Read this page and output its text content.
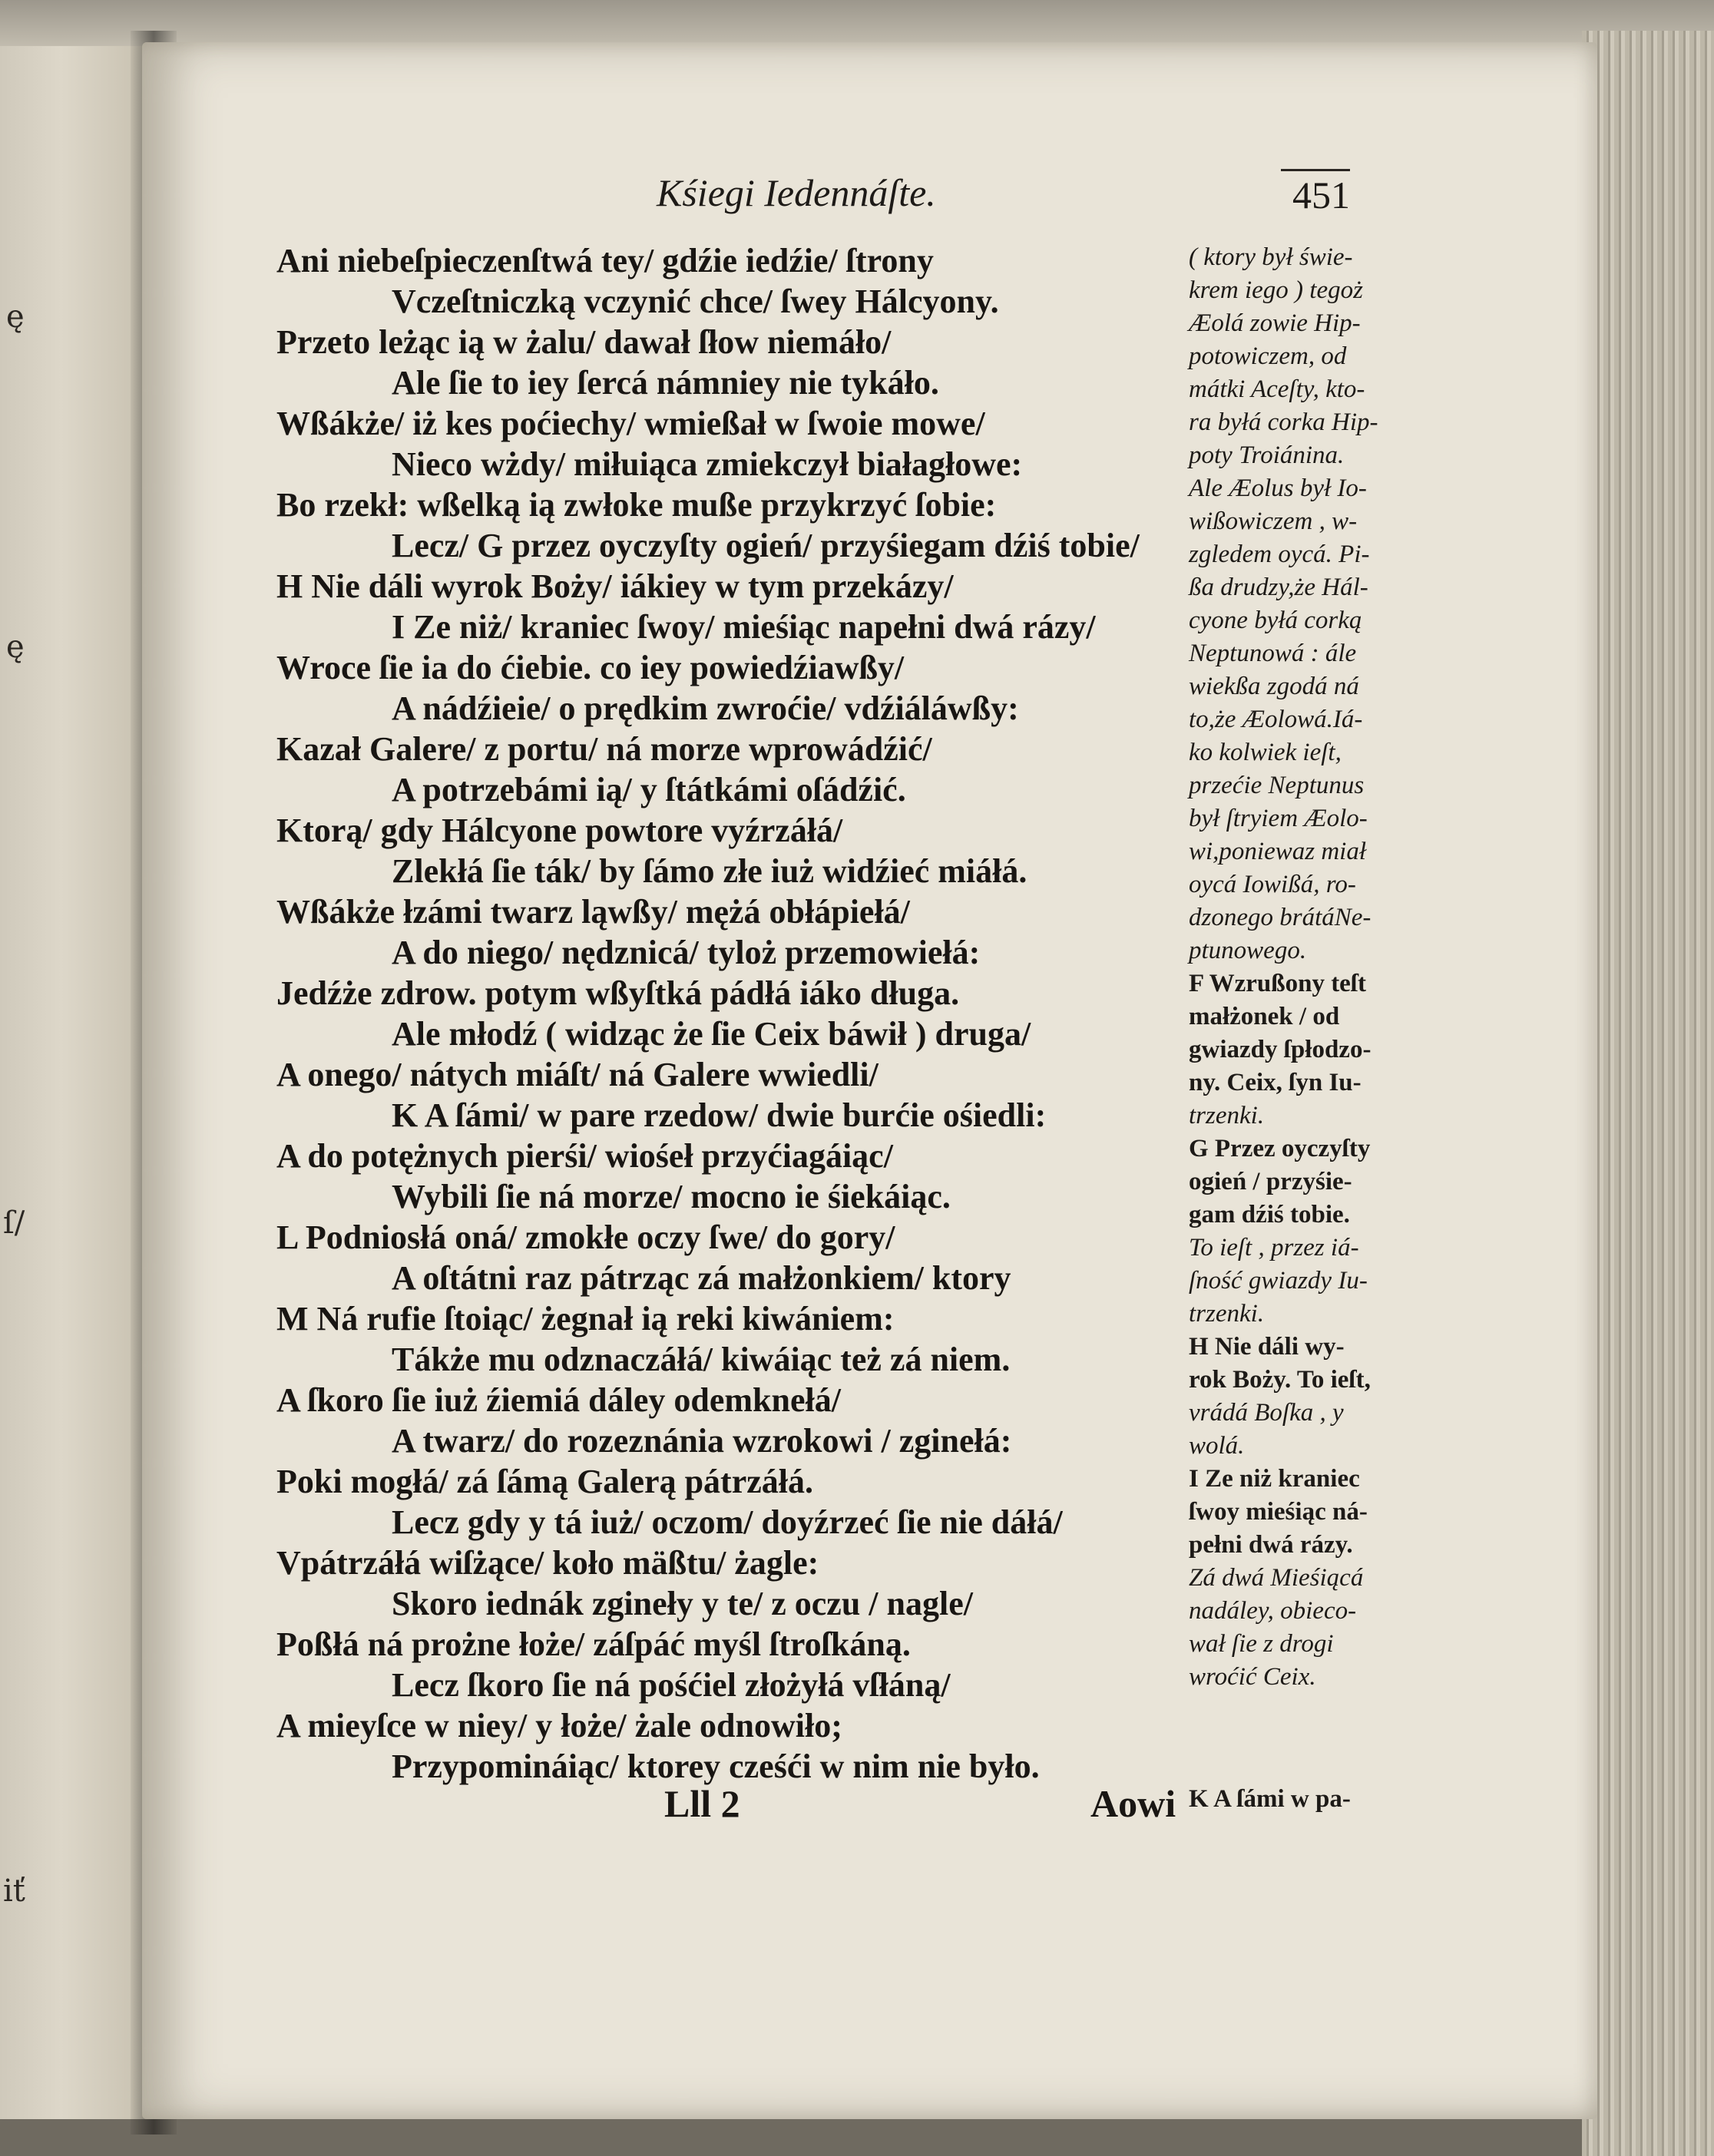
ę
ę
ſ/
iť
Kśiegi Iedennáſte.	451
Ani niebeſpieczenſtwá tey/ gdźie iedźie/ ſtrony
Vczeſtniczką vczynić chce/ ſwey Hálcyony.
Przeto leżąc ią w żalu/ dawał ſłow niemáło/
Ale ſie to iey ſercá námniey nie tykáło.
Wßákże/ iż kes poćiechy/ wmießał w ſwoie mowe/
Nieco wżdy/ miłuiąca zmiekczył białagłowe:
Bo rzekł: wßelką ią zwłoke muße przykrzyć ſobie:
Lecz/ G przez oyczyſty ogień/ przyśiegam dźiś tobie/
H Nie dáli wyrok Boży/ iákiey w tym przekázy/
I Ze niż/ kraniec ſwoy/ mieśiąc napełni dwá rázy/
Wroce ſie ia do ćiebie. co iey powiedźiawßy/
A nádźieie/ o prędkim zwroćie/ vdźiáláwßy:
Kazał Galere/ z portu/ ná morze wprowádźić/
A potrzebámi ią/ y ſtátkámi oſádźić.
Ktorą/ gdy Hálcyone powtore vyźrzáłá/
Zlekłá ſie ták/ by ſámo złe iuż widźieć miáłá.
Wßákże łzámi twarz ląwßy/ mężá obłápiełá/
A do niego/ nędznicá/ tyloż przemowiełá:
Jedźże zdrow. potym wßyſtká pádłá iáko długa.
Ale młodź ( widząc że ſie Ceix báwił ) druga/
A onego/ nátych miáſt/ ná Galere wwiedli/
K A ſámi/ w pare rzedow/ dwie burćie ośiedli:
A do potężnych pierśi/ wiośeł przyćiagáiąc/
Wybili ſie ná morze/ mocno ie śiekáiąc.
L Podniosłá oná/ zmokłe oczy ſwe/ do gory/
A oſtátni raz pátrząc zá małżonkiem/ ktory
M Ná rufie ſtoiąc/ żegnał ią reki kiwániem:
Tákże mu odznaczáłá/ kiwáiąc też zá niem.
A ſkoro ſie iuż źiemiá dáley odemknełá/
A twarz/ do rozeznánia wzrokowi / zginełá:
Poki mogłá/ zá ſámą Galerą pátrzáłá.
Lecz gdy y tá iuż/ oczom/ doyźrzeć ſie nie dáłá/
Vpátrzáłá wiſżące/ koło mäßtu/ żagle:
Skoro iednák zgineły y te/ z oczu / nagle/
Poßłá ná prożne łoże/ záſpáć myśl ſtroſkáną.
Lecz ſkoro ſie ná pośćiel złożyłá vſłáną/
A mieyſce w niey/ y łoże/ żale odnowiło;
Przypomináiąc/ ktorey cześći w nim nie było.
( ktory był świe-
krem iego ) tegoż
Æolá zowie Hip-
potowiczem, od
mátki Aceſty, kto-
ra byłá corka Hip-
poty Troiánina.
Ale Æolus był Io-
wißowiczem , w-
zgledem oycá. Pi-
ßa drudzy,że Hál-
cyone byłá corką
Neptunowá : ále
wiekßa zgodá ná
to,że Æolowá.Iá-
ko kolwiek ieſt,
przećie Neptunus
był ſtryiem Æolo-
wi,poniewaz miał
oycá Iowißá, ro-
dzonego brátáNe-
ptunowego.
F Wzrußony teſt
małżonek / od
gwiazdy ſpłodzo-
ny. Ceix, ſyn Iu-
trzenki.
G Przez oyczyſty
ogień / przyśie-
gam dźiś tobie.
To ieſt , przez iá-
ſność gwiazdy Iu-
trzenki.
H Nie dáli wy-
rok Boży. To ieſt,
vrádá Boſka , y
wolá.
I Ze niż kraniec
ſwoy mieśiąc ná-
pełni dwá rázy.
Zá dwá Mieśiącá
nadáley, obieco-
wał ſie z drogi
wroćić Ceix.
K A ſámi w pa-
Lll 2	Aowi
